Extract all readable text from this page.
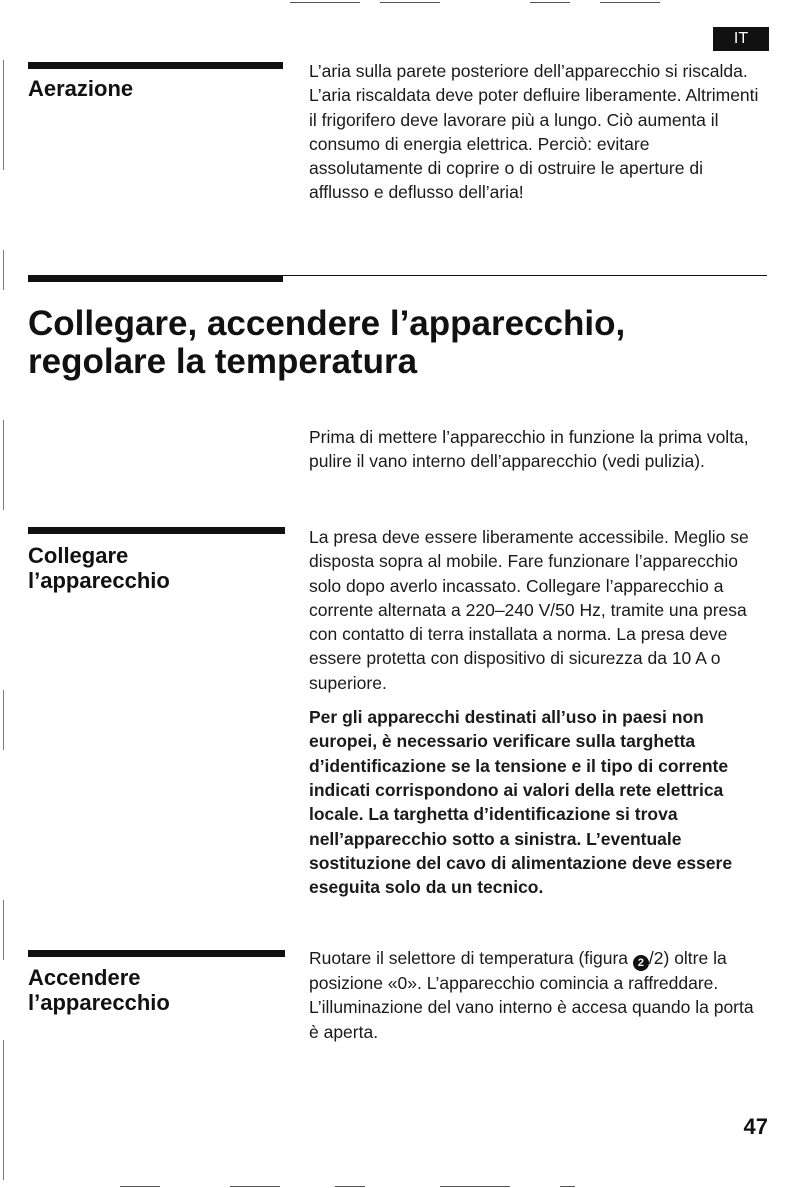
IT
Aerazione

L’aria sulla parete posteriore dell’apparecchio si riscalda. L’aria riscaldata deve poter defluire liberamente. Altrimenti il frigorifero deve lavorare più a lungo. Ciò aumenta il consumo di energia elettrica. Perciò: evitare assolutamente di coprire o di ostruire le aperture di afflusso e deflusso dell’aria!

Collegare, accendere l’apparecchio,
regolare la temperatura

Prima di mettere l’apparecchio in funzione la prima volta, pulire il vano interno dell’apparecchio (vedi pulizia).

Collegare
l’apparecchio

La presa deve essere liberamente accessibile. Meglio se disposta sopra al mobile. Fare funzionare l’apparecchio solo dopo averlo incassato. Collegare l’apparecchio a corrente alternata a 220–240 V/50 Hz, tramite una presa con contatto di terra installata a norma. La presa deve essere protetta con dispositivo di sicurezza da 10 A o superiore.

Per gli apparecchi destinati all’uso in paesi non europei, è necessario verificare sulla targhetta d’identificazione se la tensione e il tipo di corrente indicati corrispondono ai valori della rete elettrica locale. La targhetta d’identificazione si trova nell’apparecchio sotto a sinistra. L’eventuale sostituzione del cavo di alimentazione deve essere eseguita solo da un tecnico.

Accendere
l’apparecchio

Ruotare il selettore di temperatura (figura 2 /2) oltre la posizione «0». L’apparecchio comincia a raffreddare. L’illuminazione del vano interno è accesa quando la porta è aperta.

47
